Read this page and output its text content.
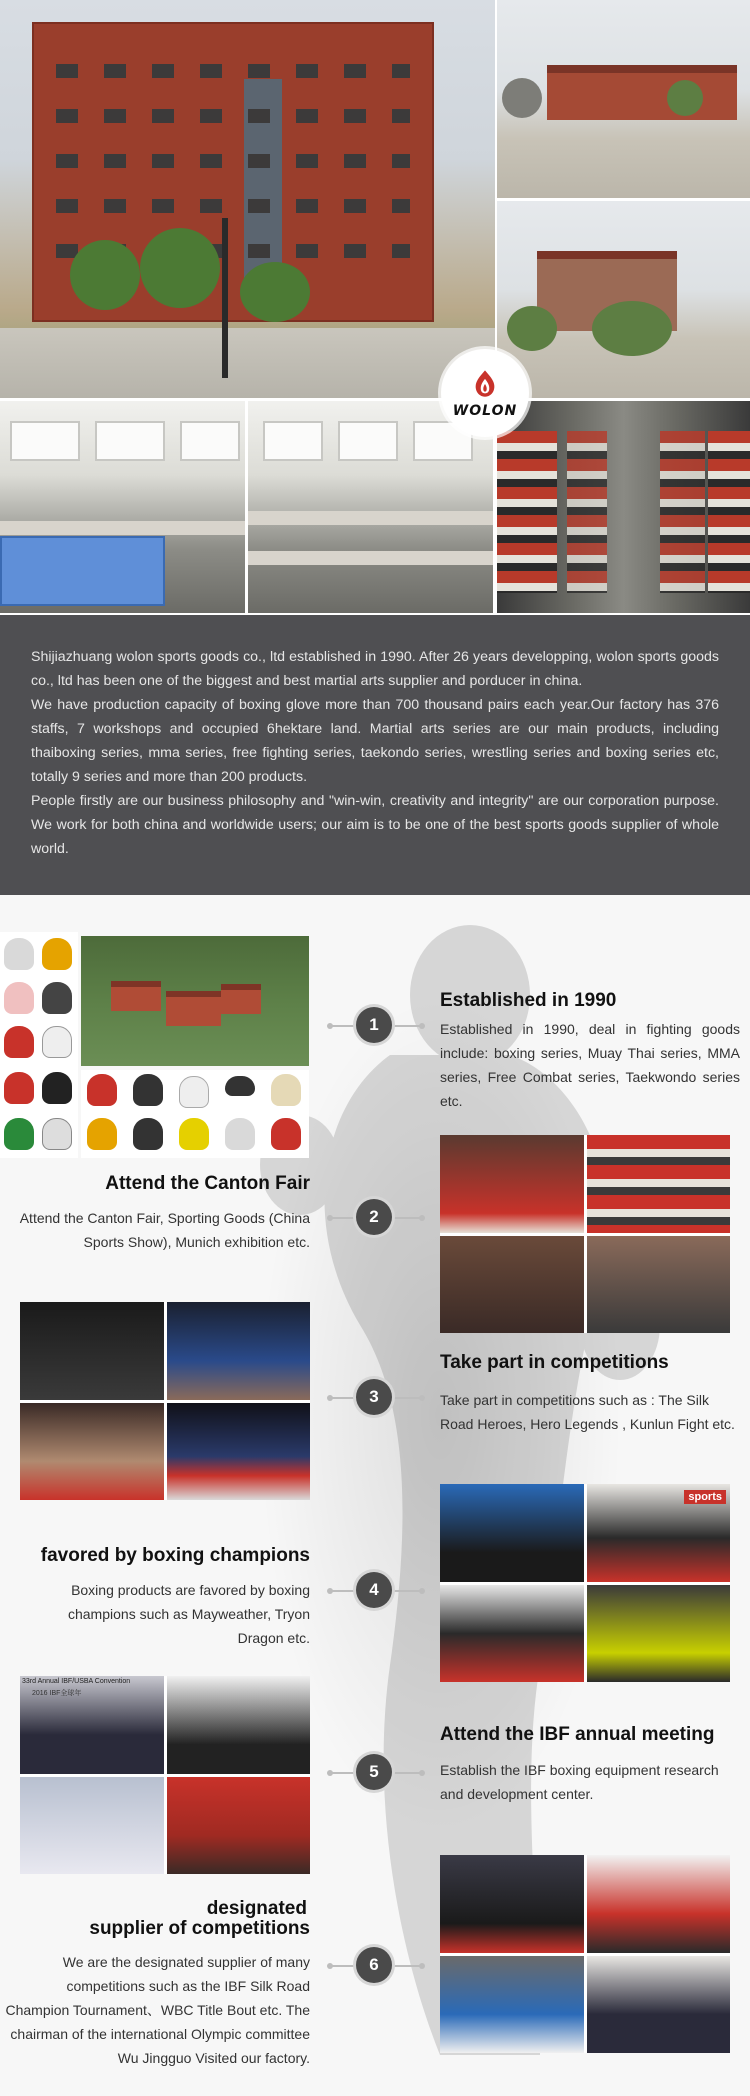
WOLON

Shijiazhuang wolon sports goods co., ltd established in 1990. After 26 years developping, wolon sports goods co., ltd has been one of the biggest and best martial arts supplier and porducer in china.

We have production capacity of boxing glove more than 700 thousand pairs each year.Our factory has 376 staffs, 7 workshops and occupied 6hektare land. Martial arts series are our main products, including thaiboxing series, mma series, free fighting series, taekondo series, wrestling series and boxing series etc, totally 9 series and more than 200 products.

People firstly are our business philosophy and "win-win, creativity and integrity" are our corporation purpose. We work for both china and worldwide users; our aim is to be one of the best sports goods supplier of whole world.

1
Established in 1990
Established in 1990, deal in fighting goods include: boxing series, Muay Thai series, MMA series, Free Combat series, Taekwondo series etc.
Attend the Canton Fair
Attend the Canton Fair, Sporting Goods (China Sports Show), Munich exhibition etc.
2
3
Take part in competitions
Take part in competitions such as : The Silk Road Heroes, Hero Legends , Kunlun Fight etc.
favored by boxing champions
Boxing products are favored by boxing champions such as Mayweather, Tryon Dragon etc.
4
sports
33rd Annual IBF/USBA Convention
2016 IBF全球年
5
Attend the IBF annual meeting
Establish the IBF boxing equipment research and development center.
designated
supplier of competitions
We are the designated supplier of many competitions such as the IBF Silk Road Champion Tournament、WBC Title Bout etc. The chairman of the international Olympic committee Wu Jingguo Visited our factory.
6
